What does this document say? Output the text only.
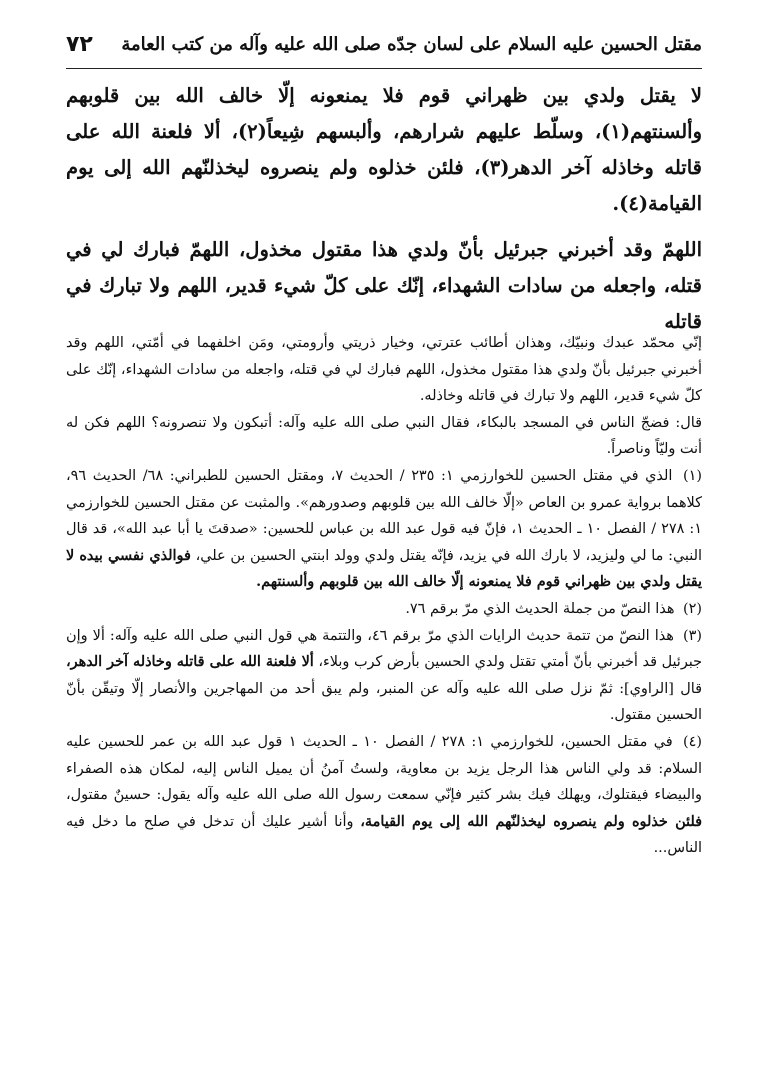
٧٢ مقتل الحسين عليه السلام على لسان جدّه صلى الله عليه وآله من كتب العامة

لا يقتل ولدي بين ظهراني قوم فلا يمنعونه إلّا خالف الله بين قلوبهم وألسنتهم(١)، وسلّط عليهم شرارهم، وألبسهم شِيعاً(٢)، ألا فلعنة الله على قاتله وخاذله آخر الدهر(٣)، فلئن خذلوه ولم ينصروه ليخذلنّهم الله إلى يوم القيامة(٤).

اللهمّ وقد أخبرني جبرئيل بأنّ ولدي هذا مقتول مخذول، اللهمّ فبارك لي في قتله، واجعله من سادات الشهداء، إنّك على كلّ شيء قدير، اللهم ولا تبارك في قاتله

إنّي محمّد عبدك ونبيّك، وهذان أطائب عترتي، وخيار ذريتي وأرومتي، ومَن اخلفهما في أمّتي، اللهم وقد أخبرني جبرئيل بأنّ ولدي هذا مقتول مخذول، اللهم فبارك لي في قتله، واجعله من سادات الشهداء، إنّك على كلّ شيء قدير، اللهم ولا تبارك في قاتله وخاذله.

قال: فضجّ الناس في المسجد بالبكاء، فقال النبي صلى الله عليه وآله: أتبكون ولا تنصرونه؟ اللهم فكن له أنت وليّاً وناصراً.

(١) الذي في مقتل الحسين للخوارزمي ١: ٢٣٥ / الحديث ٧، ومقتل الحسين للطبراني: ٦٨/ الحديث ٩٦، كلاهما برواية عمرو بن العاص «إلّا خالف الله بين قلوبهم وصدورهم». والمثبت عن مقتل الحسين للخوارزمي ١: ٢٧٨ / الفصل ١٠ ـ الحديث ١، فإنّ فيه قول عبد الله بن عباس للحسين: «صدقتَ يا أبا عبد الله»، قد قال النبي: ما لي وليزيد، لا بارك الله في يزيد، فإنّه يقتل ولدي وولد ابنتي الحسين بن علي، فوالذي نفسي بيده لا يقتل ولدي بين ظهراني قوم فلا يمنعونه إلّا خالف الله بين قلوبهم وألسنتهم.

(٢) هذا النصّ من جملة الحديث الذي مرّ برقم ٧٦.

(٣) هذا النصّ من تتمة حديث الرايات الذي مرّ برقم ٤٦، والتتمة هي قول النبي صلى الله عليه وآله: ألا وإن جبرئيل قد أخبرني بأنّ أمتي تقتل ولدي الحسين بأرض كرب وبلاء، ألا فلعنة الله على قاتله وخاذله آخر الدهر، قال [الراوي]: ثمّ نزل صلى الله عليه وآله عن المنبر، ولم يبق أحد من المهاجرين والأنصار إلّا وتيقّن بأنّ الحسين مقتول.

(٤) في مقتل الحسين، للخوارزمي ١: ٢٧٨ / الفصل ١٠ ـ الحديث ١ قول عبد الله بن عمر للحسين عليه السلام: قد ولي الناس هذا الرجل يزيد بن معاوية، ولستُ آمنُ أن يميل الناس إليه، لمكان هذه الصفراء والبيضاء فيقتلوك، ويهلك فيك بشر كثير فإنّي سمعت رسول الله صلى الله عليه وآله يقول: حسينٌ مقتول، فلئن خذلوه ولم ينصروه ليخذلنّهم الله إلى يوم القيامة، وأنا أشير عليك أن تدخل في صلح ما دخل فيه الناس...
